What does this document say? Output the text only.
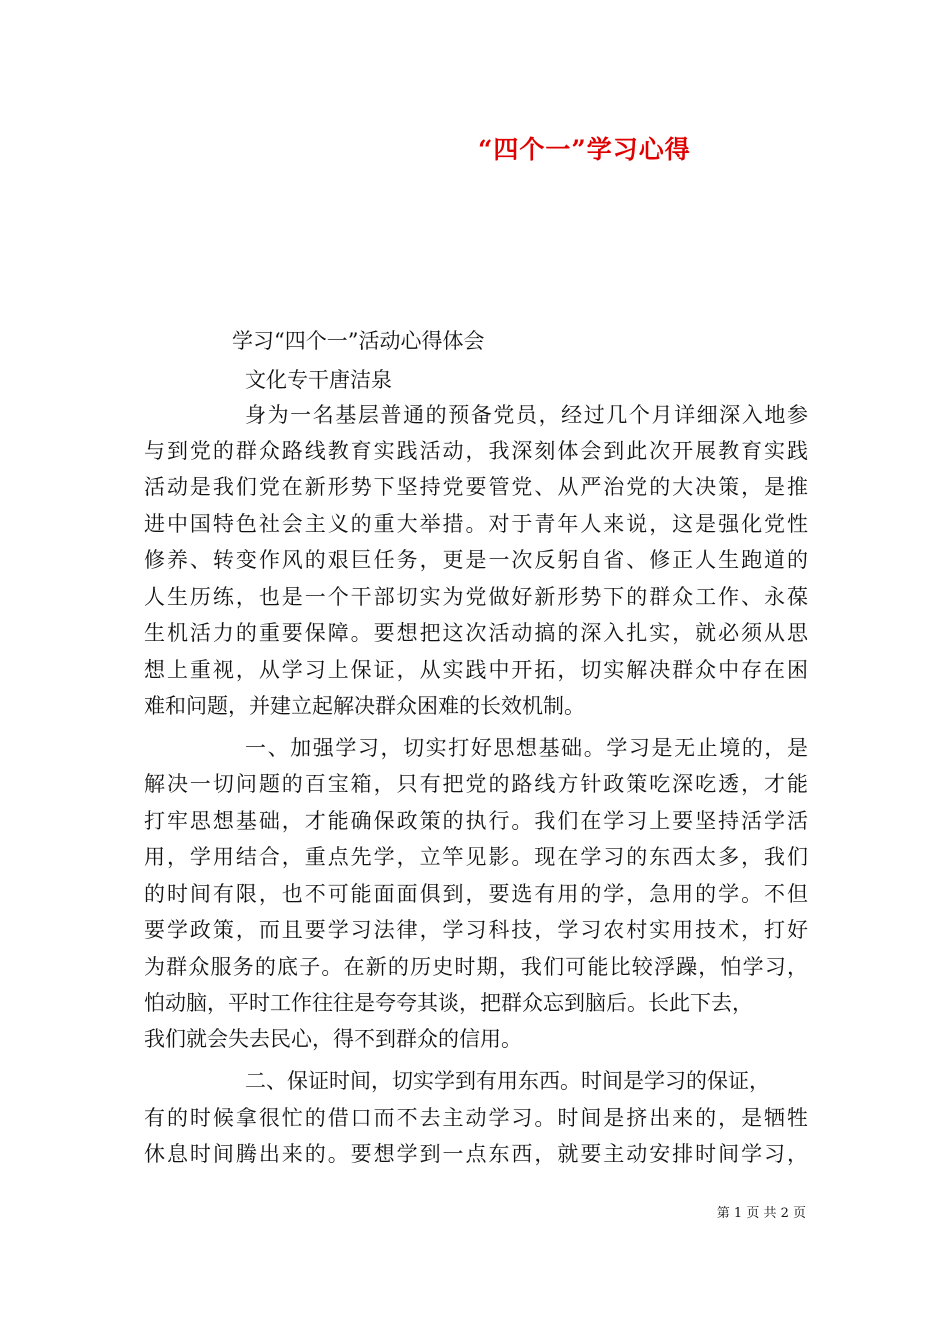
“四个一”学习心得
学习“四个一”活动心得体会
文化专干唐洁泉
身为一名基层普通的预备党员，经过几个月详细深入地参
与到党的群众路线教育实践活动，我深刻体会到此次开展教育实践
活动是我们党在新形势下坚持党要管党、从严治党的大决策，是推
进中国特色社会主义的重大举措。对于青年人来说，这是强化党性
修养、转变作风的艰巨任务，更是一次反躬自省、修正人生跑道的
人生历练，也是一个干部切实为党做好新形势下的群众工作、永葆
生机活力的重要保障。要想把这次活动搞的深入扎实，就必须从思
想上重视，从学习上保证，从实践中开拓，切实解决群众中存在困
难和问题，并建立起解决群众困难的长效机制。
一、加强学习，切实打好思想基础。学习是无止境的，是
解决一切问题的百宝箱，只有把党的路线方针政策吃深吃透，才能
打牢思想基础，才能确保政策的执行。我们在学习上要坚持活学活
用，学用结合，重点先学，立竿见影。现在学习的东西太多，我们
的时间有限，也不可能面面俱到，要选有用的学，急用的学。不但
要学政策，而且要学习法律，学习科技，学习农村实用技术，打好
为群众服务的底子。在新的历史时期，我们可能比较浮躁，怕学习，
怕动脑，平时工作往往是夸夸其谈，把群众忘到脑后。长此下去，
我们就会失去民心，得不到群众的信用。
二、保证时间，切实学到有用东西。时间是学习的保证，
有的时候拿很忙的借口而不去主动学习。时间是挤出来的，是牺牲
休息时间腾出来的。要想学到一点东西，就要主动安排时间学习，
第 1 页 共 2 页
